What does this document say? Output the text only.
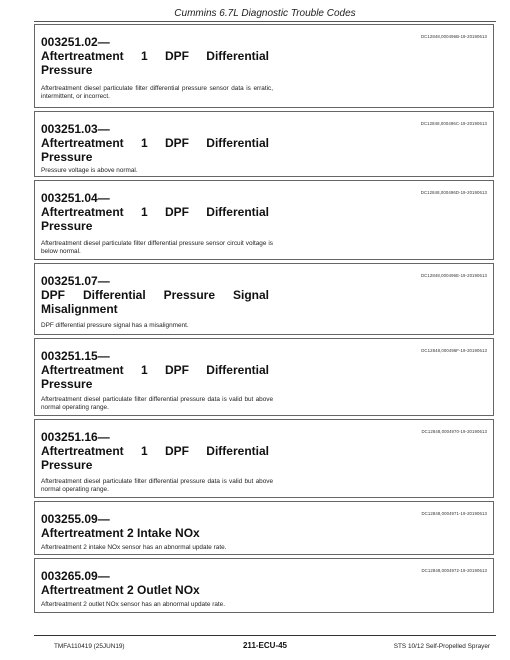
Cummins 6.7L Diagnostic Trouble Codes
003251.02—
Aftertreatment 1 DPF Differential Pressure
DC12848,000496B-19-20190613
Aftertreatment diesel particulate filter differential pressure sensor data is erratic, intermittent, or incorrect.
003251.03—
Aftertreatment 1 DPF Differential Pressure
DC12848,000496C-19-20190613
Pressure voltage is above normal.
003251.04—
Aftertreatment 1 DPF Differential Pressure
DC12848,000496D-19-20190613
Aftertreatment diesel particulate filter differential pressure sensor circuit voltage is below normal.
003251.07—
DPF Differential Pressure Signal Misalignment
DC12848,000496E-19-20190613
DPF differential pressure signal has a misalignment.
003251.15—
Aftertreatment 1 DPF Differential Pressure
DC12848,000496F-19-20190613
Aftertreatment diesel particulate filter differential pressure data is valid but above normal operating range.
003251.16—
Aftertreatment 1 DPF Differential Pressure
DC12848,0004970-19-20190613
Aftertreatment diesel particulate filter differential pressure data is valid but above normal operating range.
003255.09—
Aftertreatment 2 Intake NOx
DC12848,0004971-19-20190613
Aftertreatment 2 intake NOx sensor has an abnormal update rate.
003265.09—
Aftertreatment 2 Outlet NOx
DC12848,0004972-19-20190613
Aftertreatment 2 outlet NOx sensor has an abnormal update rate.
TMFA110419 (25JUN19)	211-ECU-45	STS 10/12 Self-Propelled Sprayer
